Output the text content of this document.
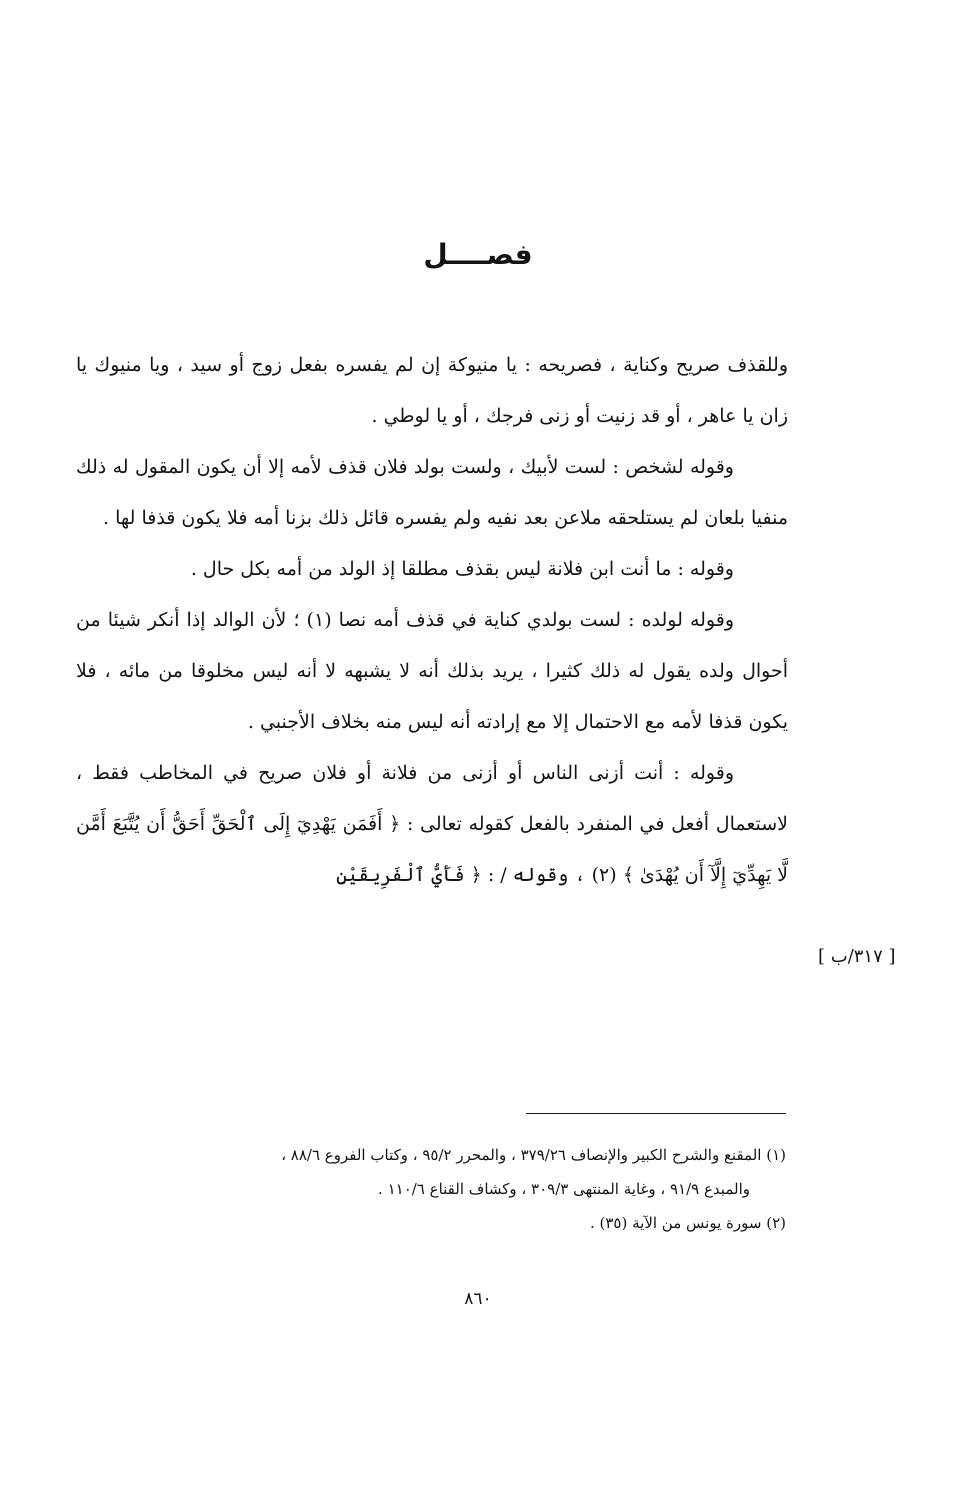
فصــــل

وللقذف صريح وكناية ، فصريحه : يا منيوكة إن لم يفسره بفعل زوج أو سيد ، ويا منيوك يا زان يا عاهر ، أو قد زنيت أو زنى فرجك ، أو يا لوطي .

وقوله لشخص : لست لأبيك ، ولست بولد فلان قذف لأمه إلا أن يكون المقول له ذلك منفيا بلعان لم يستلحقه ملاعن بعد نفيه ولم يفسره قائل ذلك بزنا أمه فلا يكون قذفا لها .

وقوله : ما أنت ابن فلانة ليس بقذف مطلقا إذ الولد من أمه بكل حال .

وقوله لولده : لست بولدي كناية في قذف أمه نصا (١) ؛ لأن الوالد إذا أنكر شيئا من أحوال ولده يقول له ذلك كثيرا ، يريد بذلك أنه لا يشبهه لا أنه ليس مخلوقا من مائه ، فلا يكون قذفا لأمه مع الاحتمال إلا مع إرادته أنه ليس منه بخلاف الأجنبي .

وقوله : أنت أزنى الناس أو أزنى من فلانة أو فلان صريح في المخاطب فقط ، لاستعمال أفعل في المنفرد بالفعل كقوله تعالى : ﴿ أَفَمَن يَهْدِيٓ إِلَى ٱلْحَقِّ أَحَقُّ أَن يُتَّبَعَ أَمَّن لَّا يَهِدِّيٓ إِلَّآ أَن يُهْدَىٰ ﴾ (٢) ، وقوله / : ﴿ فَأَيُّ ٱلْفَرِيقَيْنِ

[ ٣١٧/ب ]

(١) المقنع والشرح الكبير والإنصاف ٣٧٩/٢٦ ، والمحرر ٩٥/٢ ، وكتاب الفروع ٨٨/٦ ،

والمبدع ٩١/٩ ، وغاية المنتهى ٣٠٩/٣ ، وكشاف القناع ١١٠/٦ .

(٢) سورة يونس من الآية (٣٥) .

٨٦٠
